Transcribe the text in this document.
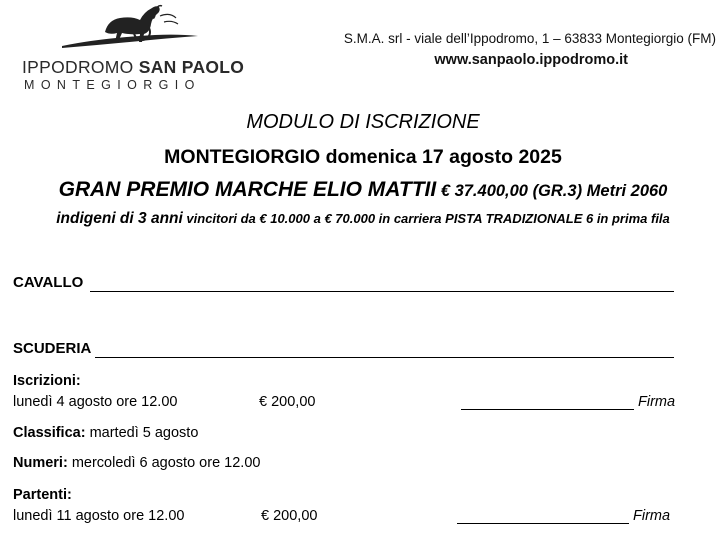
IPPODROMO SAN PAOLO
MONTEGIORGIO
S.M.A. srl - viale dell’Ippodromo, 1 – 63833 Montegiorgio (FM)
www.sanpaolo.ippodromo.it
MODULO DI ISCRIZIONE
MONTEGIORGIO domenica 17 agosto 2025
GRAN PREMIO MARCHE ELIO MATTII € 37.400,00 (GR.3) Metri 2060
indigeni di 3 anni vincitori da € 10.000 a € 70.000 in carriera PISTA TRADIZIONALE 6 in prima fila
CAVALLO
SCUDERIA
Iscrizioni:
lunedì 4 agosto ore 12.00	€ 200,00	Firma
Classifica: martedì 5 agosto
Numeri: mercoledì 6 agosto ore 12.00
Partenti:
lunedì 11 agosto ore 12.00	€ 200,00	Firma
